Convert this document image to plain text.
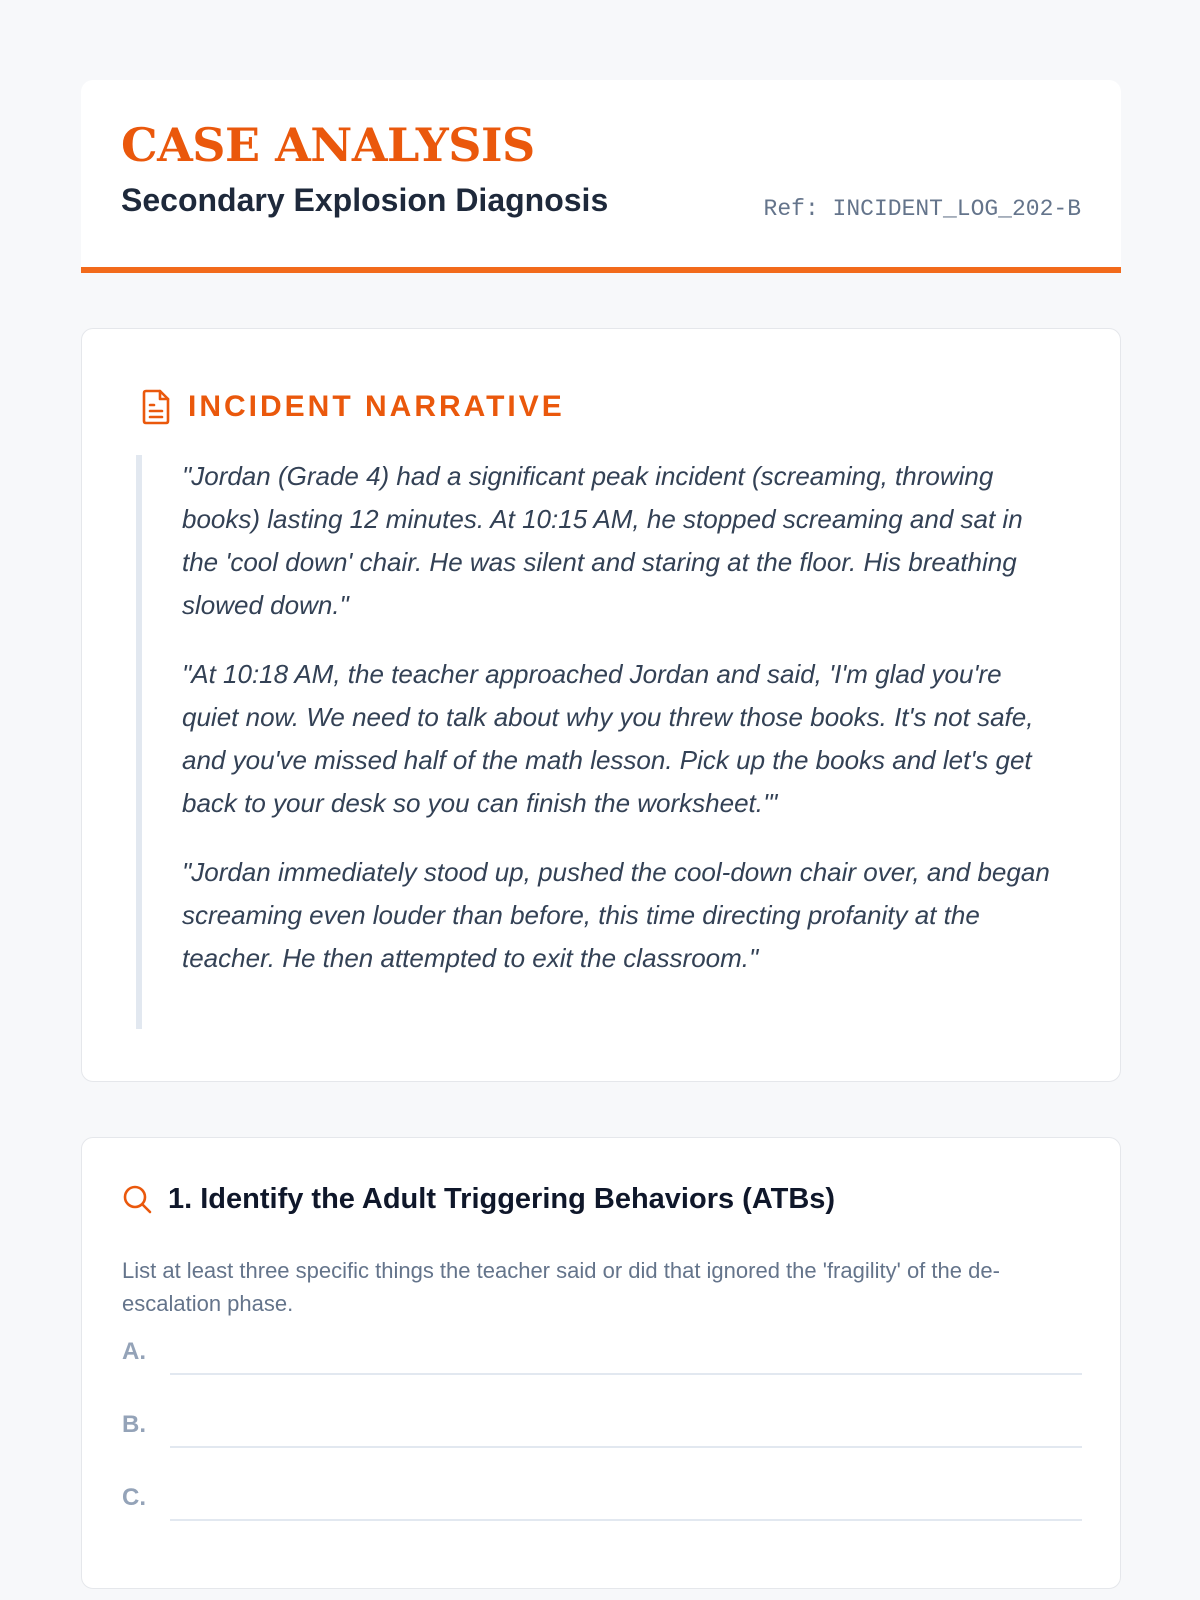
CASE ANALYSIS
Secondary Explosion Diagnosis	Ref: INCIDENT_LOG_202-B
INCIDENT NARRATIVE

"Jordan (Grade 4) had a significant peak incident (screaming, throwing books) lasting 12 minutes. At 10:15 AM, he stopped screaming and sat in the 'cool down' chair. He was silent and staring at the floor. His breathing slowed down."

"At 10:18 AM, the teacher approached Jordan and said, 'I'm glad you're quiet now. We need to talk about why you threw those books. It's not safe, and you've missed half of the math lesson. Pick up the books and let's get back to your desk so you can finish the worksheet.'"

"Jordan immediately stood up, pushed the cool-down chair over, and began screaming even louder than before, this time directing profanity at the teacher. He then attempted to exit the classroom."

1. Identify the Adult Triggering Behaviors (ATBs)

List at least three specific things the teacher said or did that ignored the 'fragility' of the de-escalation phase.

A.
B.
C.
